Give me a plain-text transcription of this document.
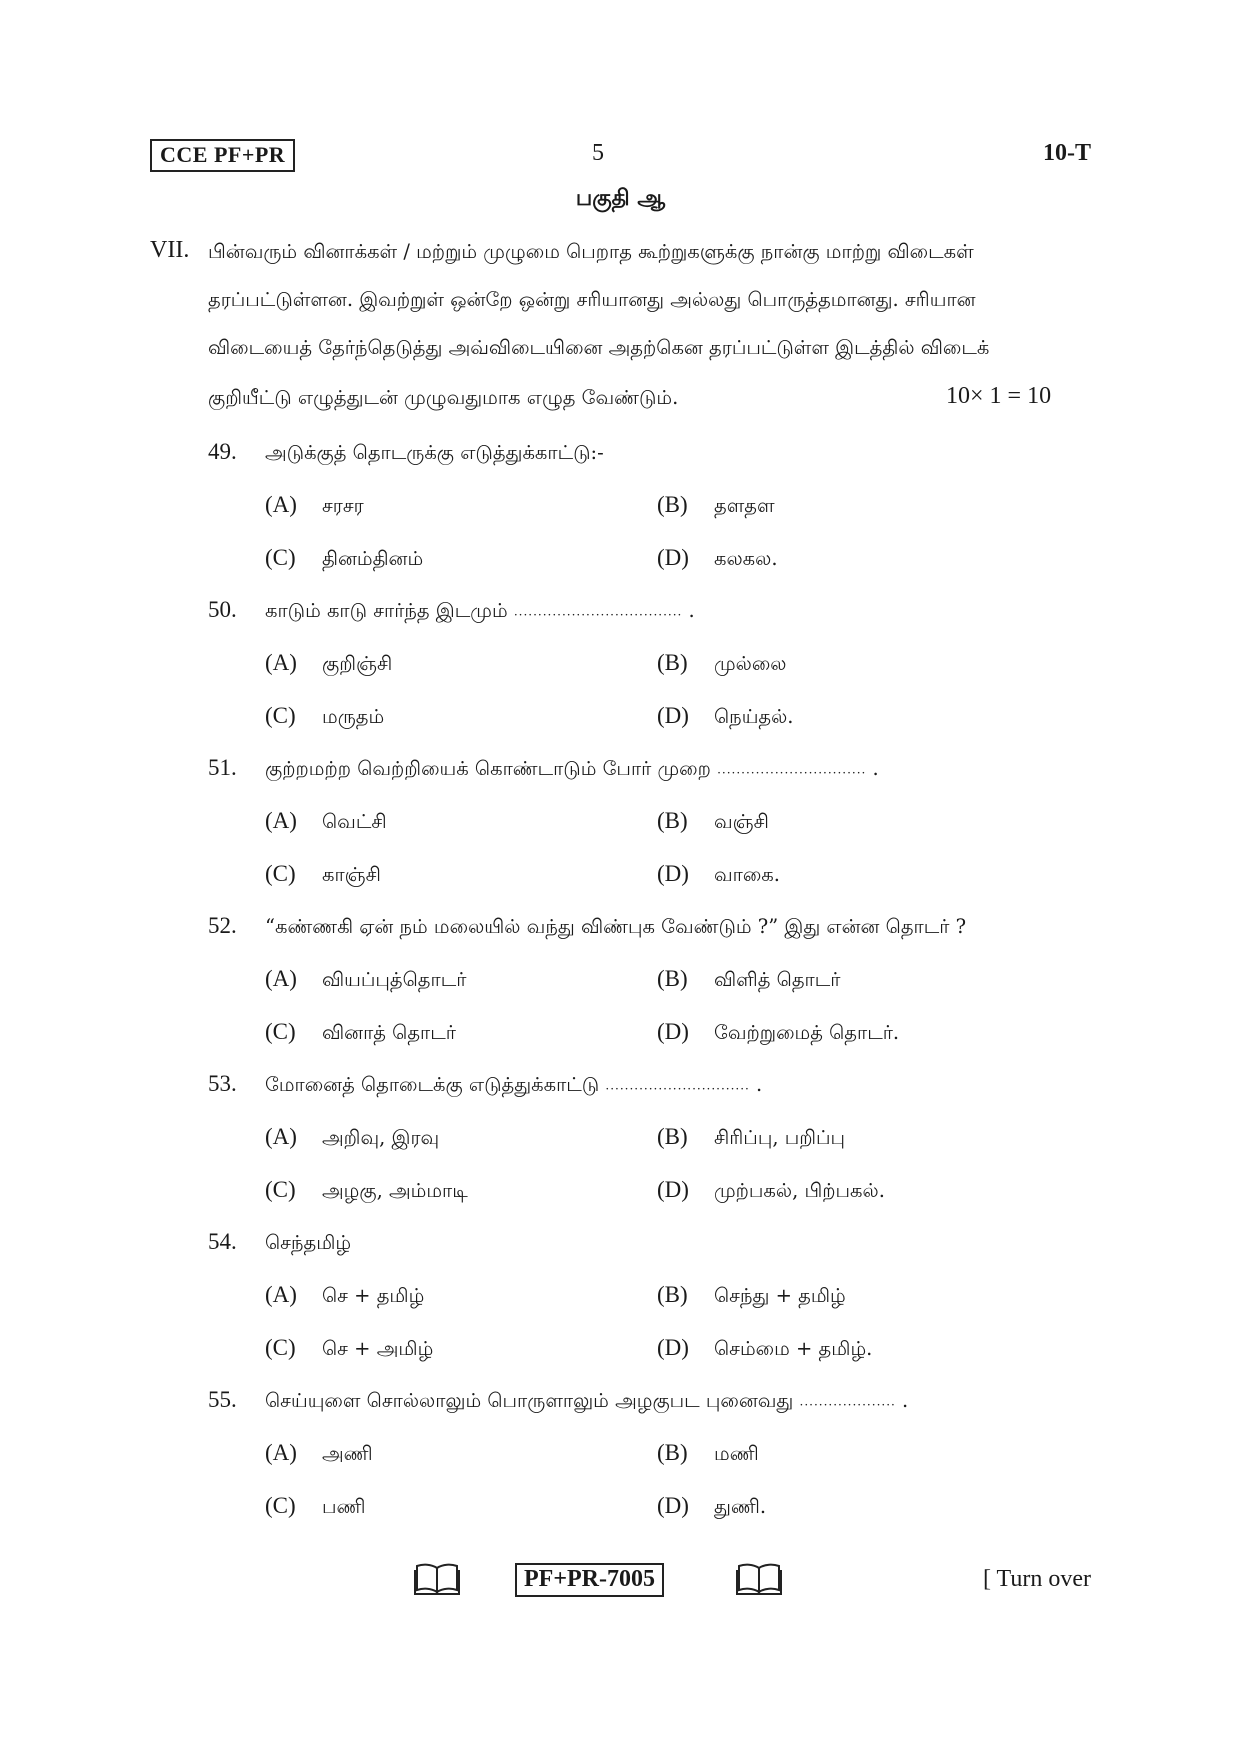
CCE PF+PR	5	10-T
பகுதி ஆ
VII. பின்வரும் வினாக்கள் / மற்றும் முழுமை பெறாத கூற்றுகளுக்கு நான்கு மாற்று விடைகள்
தரப்பட்டுள்ளன. இவற்றுள் ஒன்றே ஒன்று சரியானது அல்லது பொருத்தமானது. சரியான
விடையைத் தேர்ந்தெடுத்து அவ்விடையினை அதற்கென தரப்பட்டுள்ள இடத்தில் விடைக்
குறியீட்டு எழுத்துடன் முழுவதுமாக எழுத வேண்டும்.	10× 1 = 10
49. அடுக்குத் தொடருக்கு எடுத்துக்காட்டு:-
(A) சரசர	(B) தளதள
(C) தினம்தினம்	(D) கலகல.
50. காடும் காடு சார்ந்த இடமும் ................................... .
(A) குறிஞ்சி	(B) முல்லை
(C) மருதம்	(D) நெய்தல்.
51. குற்றமற்ற வெற்றியைக் கொண்டாடும் போர் முறை ............................... .
(A) வெட்சி	(B) வஞ்சி
(C) காஞ்சி	(D) வாகை.
52. “கண்ணகி ஏன் நம் மலையில் வந்து விண்புக வேண்டும் ?” இது என்ன தொடர் ?
(A) வியப்புத்தொடர்	(B) விளித் தொடர்
(C) வினாத் தொடர்	(D) வேற்றுமைத் தொடர்.
53. மோனைத் தொடைக்கு எடுத்துக்காட்டு .............................. .
(A) அறிவு, இரவு	(B) சிரிப்பு, பறிப்பு
(C) அழகு, அம்மாடி	(D) முற்பகல், பிற்பகல்.
54. செந்தமிழ்
(A) செ + தமிழ்	(B) செந்து + தமிழ்
(C) செ + அமிழ்	(D) செம்மை + தமிழ்.
55. செய்யுளை சொல்லாலும் பொருளாலும் அழகுபட புனைவது .................... .
(A) அணி	(B) மணி
(C) பணி	(D) துணி.
PF+PR-7005	[ Turn over
